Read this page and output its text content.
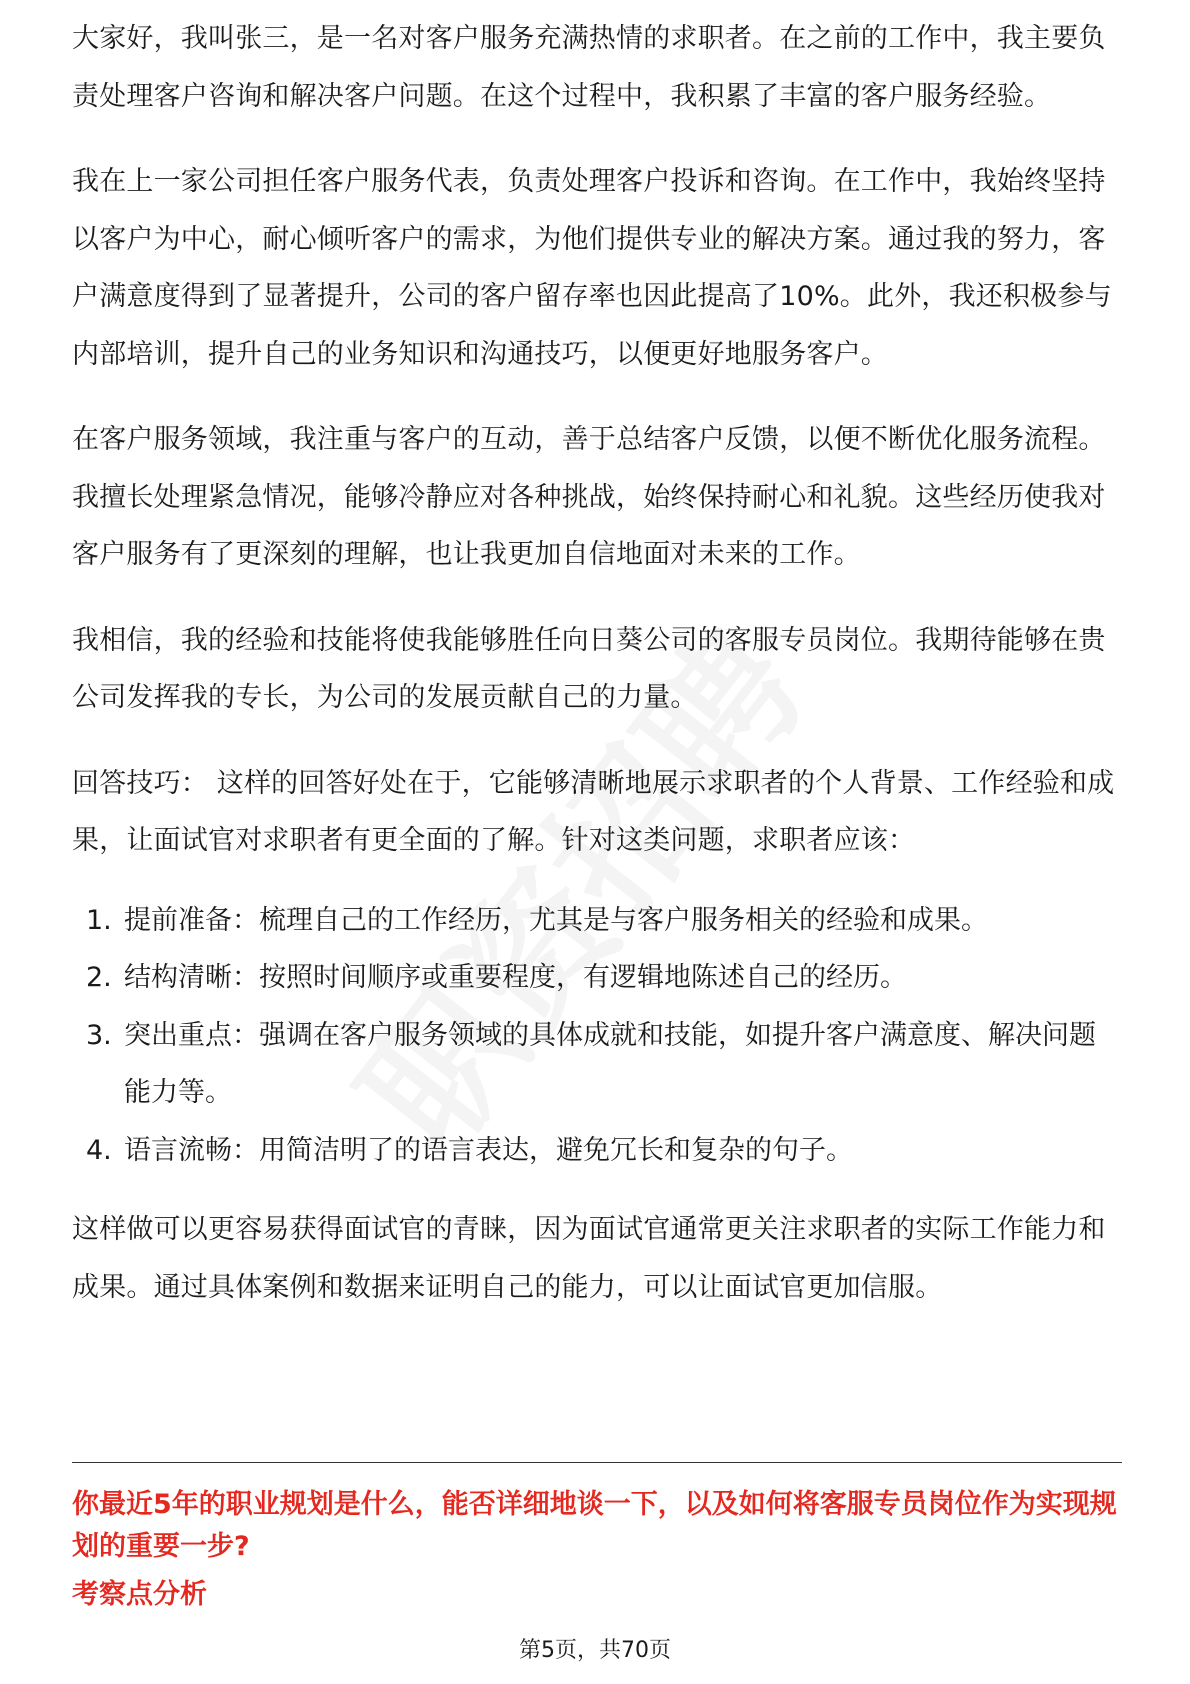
大家好，我叫张三，是一名对客户服务充满热情的求职者。在之前的工作中，我主要负责处理客户咨询和解决客户问题。在这个过程中，我积累了丰富的客户服务经验。

我在上一家公司担任客户服务代表，负责处理客户投诉和咨询。在工作中，我始终坚持以客户为中心，耐心倾听客户的需求，为他们提供专业的解决方案。通过我的努力，客户满意度得到了显著提升，公司的客户留存率也因此提高了10%。此外，我还积极参与内部培训，提升自己的业务知识和沟通技巧，以便更好地服务客户。

在客户服务领域，我注重与客户的互动，善于总结客户反馈，以便不断优化服务流程。我擅长处理紧急情况，能够冷静应对各种挑战，始终保持耐心和礼貌。这些经历使我对客户服务有了更深刻的理解，也让我更加自信地面对未来的工作。

我相信，我的经验和技能将使我能够胜任向日葵公司的客服专员岗位。我期待能够在贵公司发挥我的专长，为公司的发展贡献自己的力量。

回答技巧： 这样的回答好处在于，它能够清晰地展示求职者的个人背景、工作经验和成果，让面试官对求职者有更全面的了解。针对这类问题，求职者应该：

1. 提前准备：梳理自己的工作经历，尤其是与客户服务相关的经验和成果。
2. 结构清晰：按照时间顺序或重要程度，有逻辑地陈述自己的经历。
3. 突出重点：强调在客户服务领域的具体成就和技能，如提升客户满意度、解决问题能力等。
4. 语言流畅：用简洁明了的语言表达，避免冗长和复杂的句子。

这样做可以更容易获得面试官的青睐，因为面试官通常更关注求职者的实际工作能力和成果。通过具体案例和数据来证明自己的能力，可以让面试官更加信服。

你最近5年的职业规划是什么，能否详细地谈一下，以及如何将客服专员岗位作为实现规划的重要一步?
考察点分析
第5页，共70页
